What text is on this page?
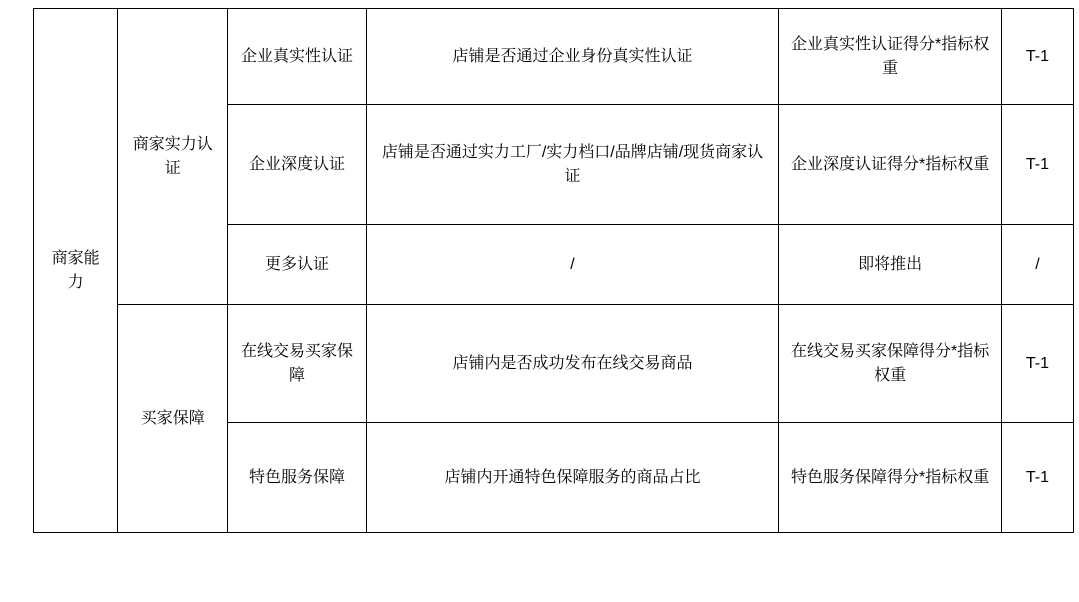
商家能力	商家实力认证	企业真实性认证	店铺是否通过企业身份真实性认证	企业真实性认证得分*指标权重	T-1
		企业深度认证	店铺是否通过实力工厂/实力档口/品牌店铺/现货商家认证	企业深度认证得分*指标权重	T-1
		更多认证	/	即将推出	/
	买家保障	在线交易买家保障	店铺内是否成功发布在线交易商品	在线交易买家保障得分*指标权重	T-1
		特色服务保障	店铺内开通特色保障服务的商品占比	特色服务保障得分*指标权重	T-1
